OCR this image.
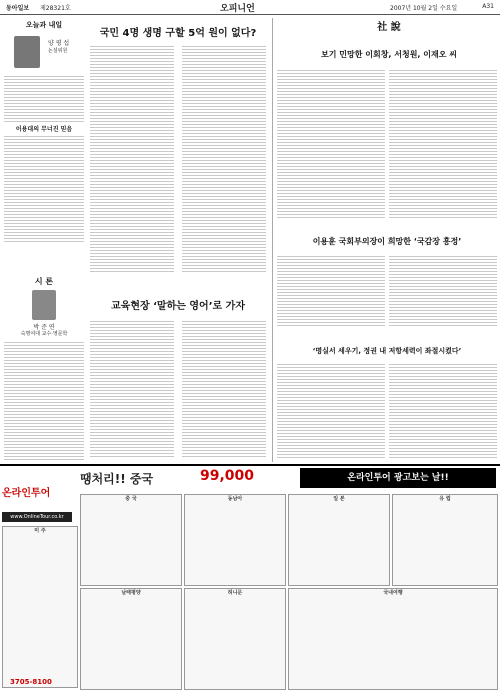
동아일보 제28321호	오피니언	2007년 10월 2일 수요일	A31
오늘과 내일
양 평 섭
논설위원
이용대의 무너진 믿음
시 론
박 준 연
숙명여대 교수·영문학
국민 4명 생명 구할 5억 원이 없다?
교육현장 ‘말하는 영어’로 가자
社 說
보기 민망한 이회창, 서청원, 이재오 씨
이용훈 국회부의장이 희망한 ‘국감장 흥정’
‘명실서 세우기, 정권 내 저항세력이 좌절시켰다’
온라인투어
www.OnlineTour.co.kr
땡처리!! 중국	99,000	온라인투어 광고보는 날!!
중 국	동남아	일 본	유 럽
미 주
남태평양	허니문	국내여행
3705-8100
